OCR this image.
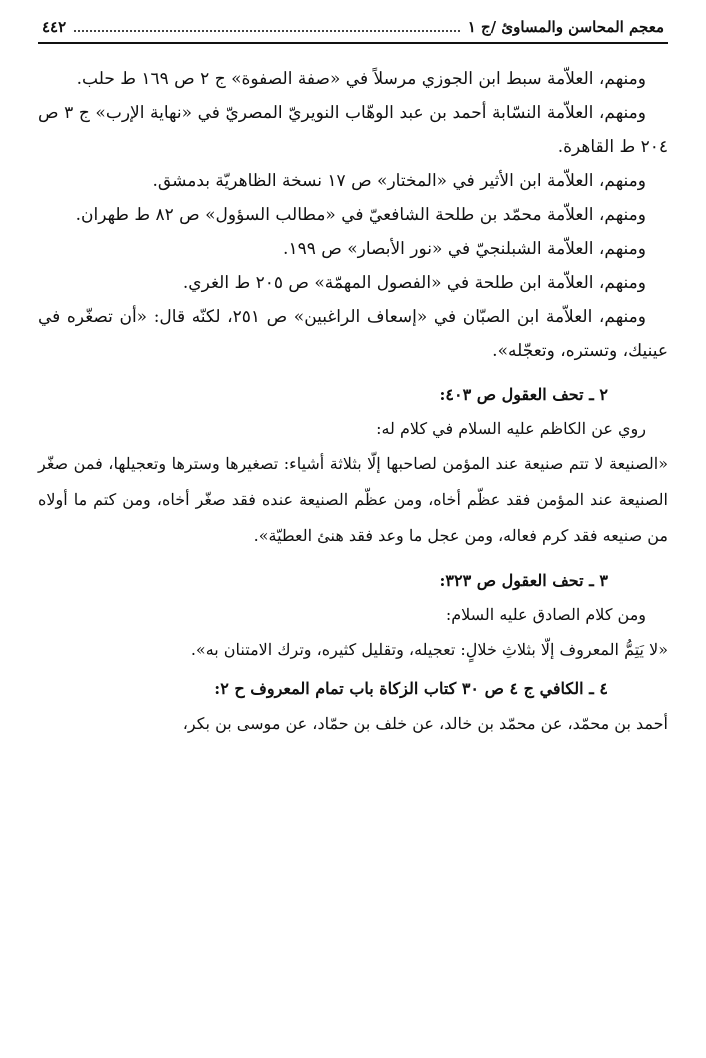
معجم المحاسن والمساوئ /ج ١
٤٤٢

ومنهم، العلاّمة سبط ابن الجوزي مرسلاً في «صفة الصفوة» ج ٢ ص ١٦٩ ط حلب.

ومنهم، العلاّمة النسّابة أحمد بن عبد الوهّاب النويريّ المصريّ في «نهاية الإرب» ج ٣ ص ٢٠٤ ط القاهرة.

ومنهم، العلاّمة ابن الأثير في «المختار» ص ١٧ نسخة الظاهريّة بدمشق.

ومنهم، العلاّمة محمّد بن طلحة الشافعيّ في «مطالب السؤول» ص ٨٢ ط طهران.

ومنهم، العلاّمة الشبلنجيّ في «نور الأبصار» ص ١٩٩.

ومنهم، العلاّمة ابن طلحة في «الفصول المهمّة» ص ٢٠٥ ط الغري.

ومنهم، العلاّمة ابن الصبّان في «إسعاف الراغبين» ص ٢٥١، لكنّه قال: «أن تصغّره في عينيك، وتستره، وتعجّله».

٢ ـ تحف العقول ص ٤٠٣:

روي عن الكاظم عليه السلام في كلام له:

«الصنيعة لا تتم صنيعة عند المؤمن لصاحبها إلّا بثلاثة أشياء: تصغيرها وسترها وتعجيلها، فمن صغّر الصنيعة عند المؤمن فقد عظّم أخاه، ومن عظّم الصنيعة عنده فقد صغّر أخاه، ومن كتم ما أولاه من صنيعه فقد كرم فعاله، ومن عجل ما وعد فقد هنئ العطيّة».

٣ ـ تحف العقول ص ٣٢٣:

ومن كلام الصادق عليه السلام:

«لا يَتِمُّ المعروف إلّا بثلاثِ خلالٍ: تعجيله، وتقليل كثيره، وترك الامتنان به».

٤ ـ الكافي ج ٤ ص ٣٠ كتاب الزكاة باب تمام المعروف ح ٢:

أحمد بن محمّد، عن محمّد بن خالد، عن خلف بن حمّاد، عن موسى بن بكر،
